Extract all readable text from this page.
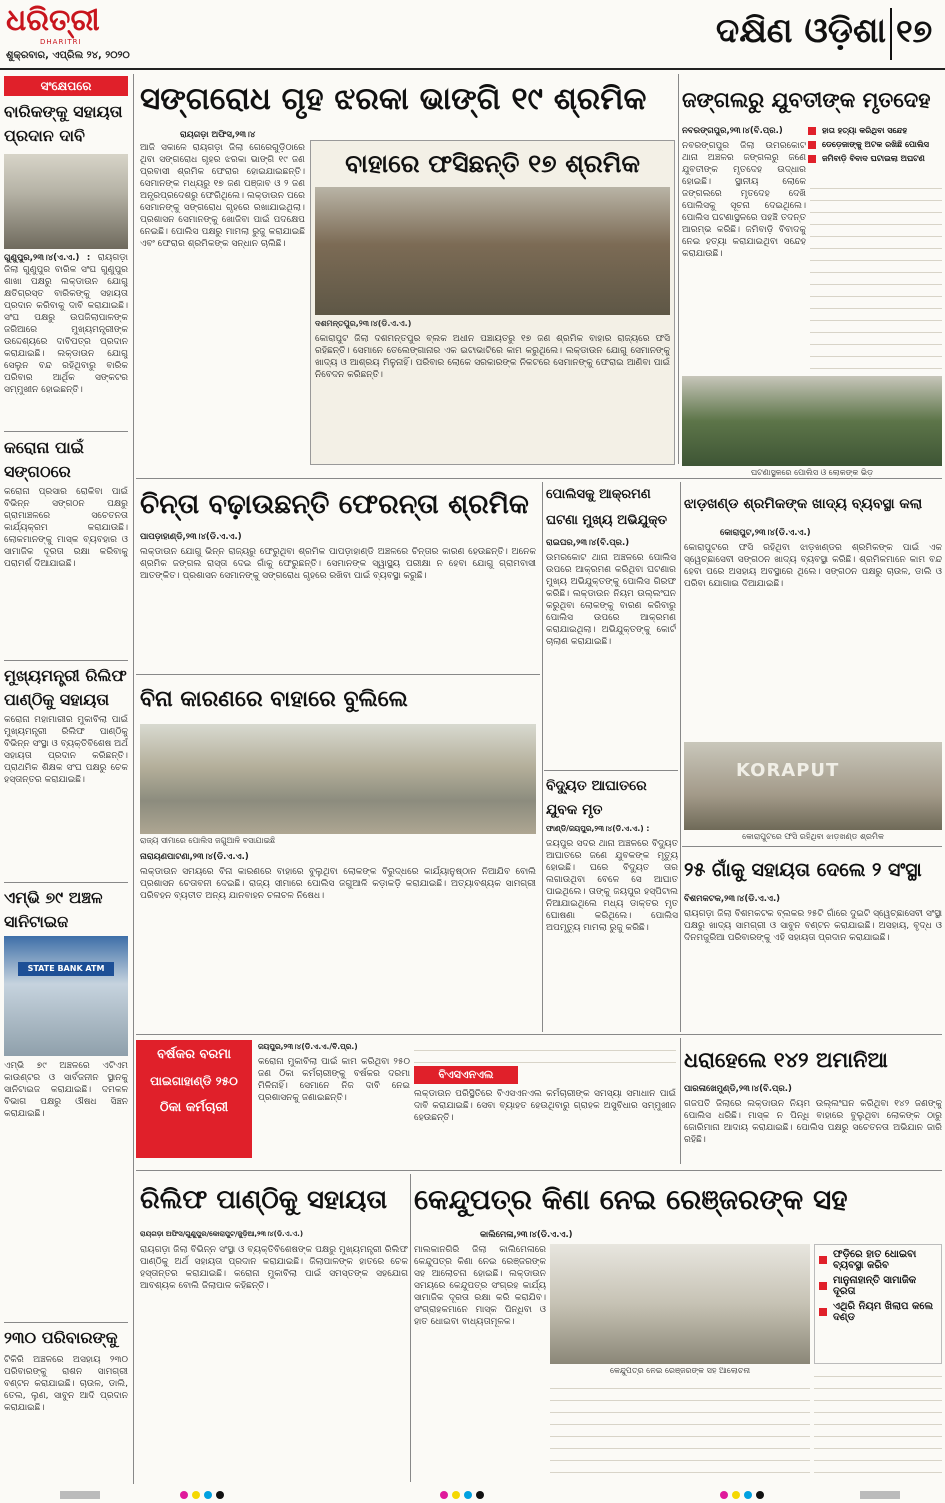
ଧରିତ୍ରୀ
DHARITRI
ଶୁକ୍ରବାର, ଏପ୍ରିଲ ୨୪, ୨୦୨୦
ଦକ୍ଷିଣ ଓଡ଼ିଶା ୧୭
ସଂକ୍ଷେପରେ
ବାରିକଙ୍କୁ ସହାୟତା ପ୍ରଦାନ ଦାବି
ଗୁଣୁପୁର,୨୩।୪(ଏ.ଏ.) : ରାୟଗଡ଼ା ଜିଲା ଗୁଣୁପୁର ବାରିକ ସଂଘ ଗୁଣୁପୁର ଶାଖା ପକ୍ଷରୁ ଲକ୍‌ଡାଉନ ଯୋଗୁ କ୍ଷତିଗ୍ରସ୍ତ ବାରିକଙ୍କୁ ସହାୟତା ପ୍ରଦାନ କରିବାକୁ ଦାବି କରାଯାଇଛି। ସଂଘ ପକ୍ଷରୁ ଉପଜିଲାପାଳଙ୍କ ଜରିଆରେ ମୁଖ୍ୟମନ୍ତ୍ରୀଙ୍କ ଉଦ୍ଦେଶ୍ୟରେ ଦାବିପତ୍ର ପ୍ରଦାନ କରାଯାଇଛି। ଲକ୍‌ଡାଉନ ଯୋଗୁ ସେଲୁନ ବନ୍ଦ ରହିଥିବାରୁ ବାରିକ ପରିବାର ଆର୍ଥିକ ସଙ୍କଟର ସମ୍ମୁଖୀନ ହୋଇଛନ୍ତି।
କରୋନା ପାଇଁ ସଙ୍ଗଠରେ
କରୋନା ପ୍ରସାର ରୋକିବା ପାଇଁ ବିଭିନ୍ନ ସଙ୍ଗଠନ ପକ୍ଷରୁ ଗ୍ରାମାଞ୍ଚଳରେ ସଚେତନତା କାର୍ଯ୍ୟକ୍ରମ କରାଯାଉଛି। ଲୋକମାନଙ୍କୁ ମାସ୍କ ବ୍ୟବହାର ଓ ସାମାଜିକ ଦୂରତା ରକ୍ଷା କରିବାକୁ ପରାମର୍ଶ ଦିଆଯାଇଛି।
ମୁଖ୍ୟମନ୍ତ୍ରୀ ରିଲିଫ ପାଣ୍ଠିକୁ ସହାୟତା
କରୋନା ମହାମାରୀର ମୁକାବିଲା ପାଇଁ ମୁଖ୍ୟମନ୍ତ୍ରୀ ରିଲିଫ ପାଣ୍ଠିକୁ ବିଭିନ୍ନ ସଂସ୍ଥା ଓ ବ୍ୟକ୍ତିବିଶେଷ ଅର୍ଥ ସହାୟତା ପ୍ରଦାନ କରିଛନ୍ତି। ପ୍ରାଥମିକ ଶିକ୍ଷକ ସଂଘ ପକ୍ଷରୁ ଚେକ ହସ୍ତାନ୍ତର କରାଯାଇଛି।
ଏମ୍‌ଭି ୭୯ ଅଞ୍ଚଳ ସାନିଟାଇଜ
STATE BANK ATM
ଏମ୍‌ଭି ୭୯ ଅଞ୍ଚଳରେ ଏଟିଏମ କାଉଣ୍ଟର ଓ ସାର୍ବଜନୀନ ସ୍ଥାନକୁ ସାନିଟାଇଜ କରାଯାଇଛି। ଦମକଳ ବିଭାଗ ପକ୍ଷରୁ ଔଷଧ ସିଞ୍ଚନ କରାଯାଇଛି।
୨୩୦ ପରିବାରଙ୍କୁ
ଟିକିରି ଅଞ୍ଚଳରେ ଅସହାୟ ୨୩୦ ପରିବାରଙ୍କୁ ରାଶନ ସାମଗ୍ରୀ ବଣ୍ଟନ କରାଯାଇଛି। ଚାଉଳ, ଡାଲି, ତେଲ, ଲୁଣ, ସାବୁନ ଆଦି ପ୍ରଦାନ କରାଯାଇଛି।
ସଙ୍ଗରୋଧ ଗୃହ ଝରକା ଭାଙ୍ଗି ୧୯ ଶ୍ରମିକ
ରାୟଗଡ଼ା ଅଫିସ,୨୩।୪
ଆଜି ସକାଳେ ରାୟଗଡ଼ା ଜିଲା ଗେରେଗୁଡ଼ିଠାରେ ଥିବା ସଙ୍ଗରୋଧ ଗୃହର ଝରକା ଭାଙ୍ଗି ୧୯ ଜଣ ପ୍ରବାସୀ ଶ୍ରମିକ ଫେରାର ହୋଇଯାଇଛନ୍ତି। ସେମାନଙ୍କ ମଧ୍ୟରୁ ୧୭ ଜଣ ପଞ୍ଜାବ ଓ ୨ ଜଣ ଅନ୍ଧ୍ରପ୍ରଦେଶରୁ ଫେରିଥିଲେ। ଲକ୍‌ଡାଉନ ପରେ ସେମାନଙ୍କୁ ସଙ୍ଗରୋଧ ଗୃହରେ ରଖାଯାଇଥିଲା। ପ୍ରଶାସନ ସେମାନଙ୍କୁ ଖୋଜିବା ପାଇଁ ପଦକ୍ଷେପ ନେଇଛି। ପୋଲିସ ପକ୍ଷରୁ ମାମଲା ରୁଜୁ କରାଯାଇଛି ଏବଂ ଫେରାର ଶ୍ରମିକଙ୍କ ସନ୍ଧାନ ଚାଲିଛି।
ବାହାରେ ଫସିଛନ୍ତି ୧୭ ଶ୍ରମିକ
ଦଶମନ୍ତପୁର,୨୩।୪(ଡି.ଏ.ଏ.)
କୋରାପୁଟ ଜିଲା ଦଶମନ୍ତପୁର ବ୍ଲକ ଅଧୀନ ପଞ୍ଚାୟତରୁ ୧୭ ଜଣ ଶ୍ରମିକ ବାହାର ରାଜ୍ୟରେ ଫସି ରହିଛନ୍ତି। ସେମାନେ ତେଲେଙ୍ଗାନାର ଏକ ଇଟାଭାଟିରେ କାମ କରୁଥିଲେ। ଲକ୍‌ଡାଉନ ଯୋଗୁ ସେମାନଙ୍କୁ ଖାଦ୍ୟ ଓ ଆଶ୍ରୟ ମିଳୁନାହିଁ। ପରିବାର ଲୋକେ ସରକାରଙ୍କ ନିକଟରେ ସେମାନଙ୍କୁ ଫେରାଇ ଆଣିବା ପାଇଁ ନିବେଦନ କରିଛନ୍ତି।
ଜଙ୍ଗଲରୁ ଯୁବତୀଙ୍କ ମୃତଦେହ
ନବରଙ୍ଗପୁର,୨୩।୪(ବି.ପ୍ର.)	ହାତା ହତ୍ୟା କରିଥିବା ସନ୍ଦେହ
ଡେଡ଼େଜାଙ୍କୁ ଅଟକ ରଖିଛି ପୋଲିସ
ଜମିବାଡ଼ି ବିବାଦ ଘଟାଇଲା ଅଘଟଣ
ନବରଙ୍ଗପୁର ଜିଲା ଉମରକୋଟ ଥାନା ଅଞ୍ଚଳର ଜଙ୍ଗଲରୁ ଜଣେ ଯୁବତୀଙ୍କ ମୃତଦେହ ଉଦ୍ଧାର ହୋଇଛି। ସ୍ଥାନୀୟ ଲୋକେ ଜଙ୍ଗଲରେ ମୃତଦେହ ଦେଖି ପୋଲିସକୁ ସୂଚନା ଦେଇଥିଲେ। ପୋଲିସ ଘଟଣାସ୍ଥଳରେ ପହଞ୍ଚି ତଦନ୍ତ ଆରମ୍ଭ କରିଛି। ଜମିବାଡ଼ି ବିବାଦକୁ ନେଇ ହତ୍ୟା କରାଯାଇଥିବା ସନ୍ଦେହ କରାଯାଉଛି।
ଘଟଣାସ୍ଥଳରେ ପୋଲିସ ଓ ଲୋକଙ୍କ ଭିଡ଼
ଚିନ୍ତା ବଢ଼ାଉଛନ୍ତି ଫେରନ୍ତା ଶ୍ରମିକ
ପାପଡ଼ାହାଣ୍ଡି,୨୩।୪(ଡି.ଏ.ଏ.)
ଲକ୍‌ଡାଉନ ଯୋଗୁ ଭିନ୍ନ ରାଜ୍ୟରୁ ଫେରୁଥିବା ଶ୍ରମିକ ପାପଡ଼ାହାଣ୍ଡି ଅଞ୍ଚଳରେ ଚିନ୍ତାର କାରଣ ହେଉଛନ୍ତି। ଅନେକ ଶ୍ରମିକ ଜଙ୍ଗଲ ରାସ୍ତା ଦେଇ ଗାଁକୁ ଫେରୁଛନ୍ତି। ସେମାନଙ୍କ ସ୍ୱାସ୍ଥ୍ୟ ପରୀକ୍ଷା ନ ହେବା ଯୋଗୁ ଗ୍ରାମବାସୀ ଆତଙ୍କିତ। ପ୍ରଶାସନ ସେମାନଙ୍କୁ ସଙ୍ଗରୋଧ ଗୃହରେ ରଖିବା ପାଇଁ ବ୍ୟବସ୍ଥା କରୁଛି।
ପୋଲିସକୁ ଆକ୍ରମଣ ଘଟଣା ମୁଖ୍ୟ ଅଭିଯୁକ୍ତ
ରାଇଘର,୨୩।୪(ବି.ପ୍ର.)
ଉମରକୋଟ ଥାନା ଅଞ୍ଚଳରେ ପୋଲିସ ଉପରେ ଆକ୍ରମଣ କରିଥିବା ଘଟଣାର ମୁଖ୍ୟ ଅଭିଯୁକ୍ତଙ୍କୁ ପୋଲିସ ଗିରଫ କରିଛି। ଲକ୍‌ଡାଉନ ନିୟମ ଉଲ୍ଲଂଘନ କରୁଥିବା ଲୋକଙ୍କୁ ବାରଣ କରିବାରୁ ପୋଲିସ ଉପରେ ଆକ୍ରମଣ କରାଯାଇଥିଲା। ଅଭିଯୁକ୍ତଙ୍କୁ କୋର୍ଟ ଚାଲାଣ କରାଯାଇଛି।
ବିଦ୍ୟୁତ ଆଘାତରେ ଯୁବକ ମୃତ
ଫାଣ୍ଡି/ଜୟପୁର,୨୩।୪(ଡି.ଏ.ଏ.) :
ଜୟପୁର ସଦର ଥାନା ଅଞ୍ଚଳରେ ବିଦ୍ୟୁତ ଆଘାତରେ ଜଣେ ଯୁବକଙ୍କ ମୃତ୍ୟୁ ହୋଇଛି। ଘରେ ବିଦ୍ୟୁତ ତାର ଲଗାଉଥିବା ବେଳେ ସେ ଆଘାତ ପାଇଥିଲେ। ତାଙ୍କୁ ଜୟପୁର ହସ୍ପିଟାଲ ନିଆଯାଇଥିଲେ ମଧ୍ୟ ଡାକ୍ତର ମୃତ ଘୋଷଣା କରିଥିଲେ। ପୋଲିସ ଅପମୃତ୍ୟୁ ମାମଲା ରୁଜୁ କରିଛି।
ବିନା କାରଣରେ ବାହାରେ ବୁଲିଲେ
ରାଜ୍ୟ ସୀମାରେ ପୋଲିସ ଜଗୁଆଳି ବସାଯାଇଛି
ନାରାୟଣପାଟଣା,୨୩।୪(ଡି.ଏ.ଏ.)
ଲକ୍‌ଡାଉନ ସମୟରେ ବିନା କାରଣରେ ବାହାରେ ବୁଲୁଥିବା ଲୋକଙ୍କ ବିରୁଦ୍ଧରେ କାର୍ଯ୍ୟାନୁଷ୍ଠାନ ନିଆଯିବ ବୋଲି ପ୍ରଶାସନ ଚେତାବନୀ ଦେଇଛି। ରାଜ୍ୟ ସୀମାରେ ପୋଲିସ ଜଗୁଆଳି କଡ଼ାକଡ଼ି କରାଯାଇଛି। ଅତ୍ୟାବଶ୍ୟକ ସାମଗ୍ରୀ ପରିବହନ ବ୍ୟତୀତ ଅନ୍ୟ ଯାନବାହନ ଚଳାଚଳ ନିଷେଧ।
ଝାଡ଼ଖଣ୍ଡ ଶ୍ରମିକଙ୍କ ଖାଦ୍ୟ ବ୍ୟବସ୍ଥା କଲା
କୋରାପୁଟ,୨୩।୪(ଡି.ଏ.ଏ.)
କୋରାପୁଟରେ ଫସି ରହିଥିବା ଝାଡ଼ଖଣ୍ଡର ଶ୍ରମିକଙ୍କ ପାଇଁ ଏକ ସ୍ୱେଚ୍ଛାସେବୀ ସଙ୍ଗଠନ ଖାଦ୍ୟ ବ୍ୟବସ୍ଥା କରିଛି। ଶ୍ରମିକମାନେ କାମ ବନ୍ଦ ହେବା ପରେ ଅସହାୟ ଅବସ୍ଥାରେ ଥିଲେ। ସଙ୍ଗଠନ ପକ୍ଷରୁ ଚାଉଳ, ଡାଲି ଓ ପରିବା ଯୋଗାଇ ଦିଆଯାଇଛି।
KORAPUT
କୋରାପୁଟରେ ଫସି ରହିଥିବା ଝାଡ଼ଖଣ୍ଡ ଶ୍ରମିକ
୨୫ ଗାଁକୁ ସହାୟତା ଦେଲେ ୨ ସଂସ୍ଥା
ବିଶମକଟକ,୨୩।୪(ଡି.ଏ.ଏ.)
ରାୟଗଡ଼ା ଜିଲା ବିଶମକଟକ ବ୍ଲକର ୨୫ଟି ଗାଁରେ ଦୁଇଟି ସ୍ୱେଚ୍ଛାସେବୀ ସଂସ୍ଥା ପକ୍ଷରୁ ଖାଦ୍ୟ ସାମଗ୍ରୀ ଓ ସାବୁନ ବଣ୍ଟନ କରାଯାଇଛି। ଅସହାୟ, ବୃଦ୍ଧ ଓ ଦିନମଜୁରିଆ ପରିବାରଙ୍କୁ ଏହି ସହାୟତା ପ୍ରଦାନ କରାଯାଇଛି।
ବର୍ଷକର ବରମା
ପାଇଗାହାଣ୍ଡି ୨୫୦
ଠିକା କର୍ମଚାରୀ
ଜୟପୁର,୨୩।୪(ଡି.ଏ.ଏ./ବି.ପ୍ର.)
କରୋନା ମୁକାବିଲା ପାଇଁ କାମ କରିଥିବା ୨୫୦ ଜଣ ଠିକା କର୍ମଚାରୀଙ୍କୁ ବର୍ଷକର ଦରମା ମିଳିନାହିଁ। ସେମାନେ ନିଜ ଦାବି ନେଇ ପ୍ରଶାସନକୁ ଜଣାଇଛନ୍ତି।
ବିଏସଏନଏଲ
ଲକ୍‌ଡାଉନ ପରିସ୍ଥିତିରେ ବିଏସଏନଏଲ କର୍ମଚାରୀଙ୍କ ସମସ୍ୟା ସମାଧାନ ପାଇଁ ଦାବି କରାଯାଇଛି। ସେବା ବ୍ୟାହତ ହେଉଥିବାରୁ ଗ୍ରାହକ ଅସୁବିଧାର ସମ୍ମୁଖୀନ ହେଉଛନ୍ତି।
ଧରାହେଲେ ୧୪୨ ଅମାନିଆ
ପାରଳାଖେମୁଣ୍ଡି,୨୩।୪(ବି.ପ୍ର.)
ଗଜପତି ଜିଲାରେ ଲକ୍‌ଡାଉନ ନିୟମ ଉଲ୍ଲଂଘନ କରିଥିବା ୧୪୨ ଜଣଙ୍କୁ ପୋଲିସ ଧରିଛି। ମାସ୍କ ନ ପିନ୍ଧି ବାହାରେ ବୁଲୁଥିବା ଲୋକଙ୍କ ଠାରୁ ଜୋରିମାନା ଆଦାୟ କରାଯାଇଛି। ପୋଲିସ ପକ୍ଷରୁ ସଚେତନତା ଅଭିଯାନ ଜାରି ରହିଛି।
ରିଲିଫ ପାଣ୍ଠିକୁ ସହାୟତା
ରାୟଗଡ଼ା ଅଫିସ/ଗୁଣୁପୁର/କୋରାପୁଟ/ଜୁଡ଼ିଆ,୨୩।୪(ଡି.ଏ.ଏ.)
ରାୟଗଡ଼ା ଜିଲା ବିଭିନ୍ନ ସଂସ୍ଥା ଓ ବ୍ୟକ୍ତିବିଶେଷଙ୍କ ପକ୍ଷରୁ ମୁଖ୍ୟମନ୍ତ୍ରୀ ରିଲିଫ ପାଣ୍ଠିକୁ ଅର୍ଥ ସହାୟତା ପ୍ରଦାନ କରାଯାଇଛି। ଜିଲାପାଳଙ୍କ ହାତରେ ଚେକ ହସ୍ତାନ୍ତର କରାଯାଇଛି। କରୋନା ମୁକାବିଲା ପାଇଁ ସମସ୍ତଙ୍କ ସହଯୋଗ ଆବଶ୍ୟକ ବୋଲି ଜିଲାପାଳ କହିଛନ୍ତି।
କେନ୍ଦୁପତ୍ର କିଣା ନେଇ ରେଞ୍ଜରଙ୍କ ସହ
କାଲିମେଳା,୨୩।୪(ଡି.ଏ.ଏ.)
ମାଲକାନଗିରି ଜିଲା କାଲିମେଳାରେ କେନ୍ଦୁପତ୍ର କିଣା ନେଇ ରେଞ୍ଜରଙ୍କ ସହ ଆଲୋଚନା ହୋଇଛି। ଲକ୍‌ଡାଉନ ସମୟରେ କେନ୍ଦୁପତ୍ର ସଂଗ୍ରହ କାର୍ଯ୍ୟ ସାମାଜିକ ଦୂରତା ରକ୍ଷା କରି କରାଯିବ। ସଂଗ୍ରାହକମାନେ ମାସ୍କ ପିନ୍ଧିବା ଓ ହାତ ଧୋଇବା ବାଧ୍ୟତାମୂଳକ।
କେନ୍ଦୁପତ୍ର ନେଇ ରେଞ୍ଜରଙ୍କ ସହ ଆଲୋଚନା
ଫଡ଼ିରେ ହାତ ଧୋଇବା ବ୍ୟବସ୍ଥା କରିବ
ମାନୁନାହାନ୍ତି ସାମାଜିକ ଦୂରତା
ଏଥିରି ନିୟମ ଖିଲାପ କଲେ ଦଣ୍ଡ
